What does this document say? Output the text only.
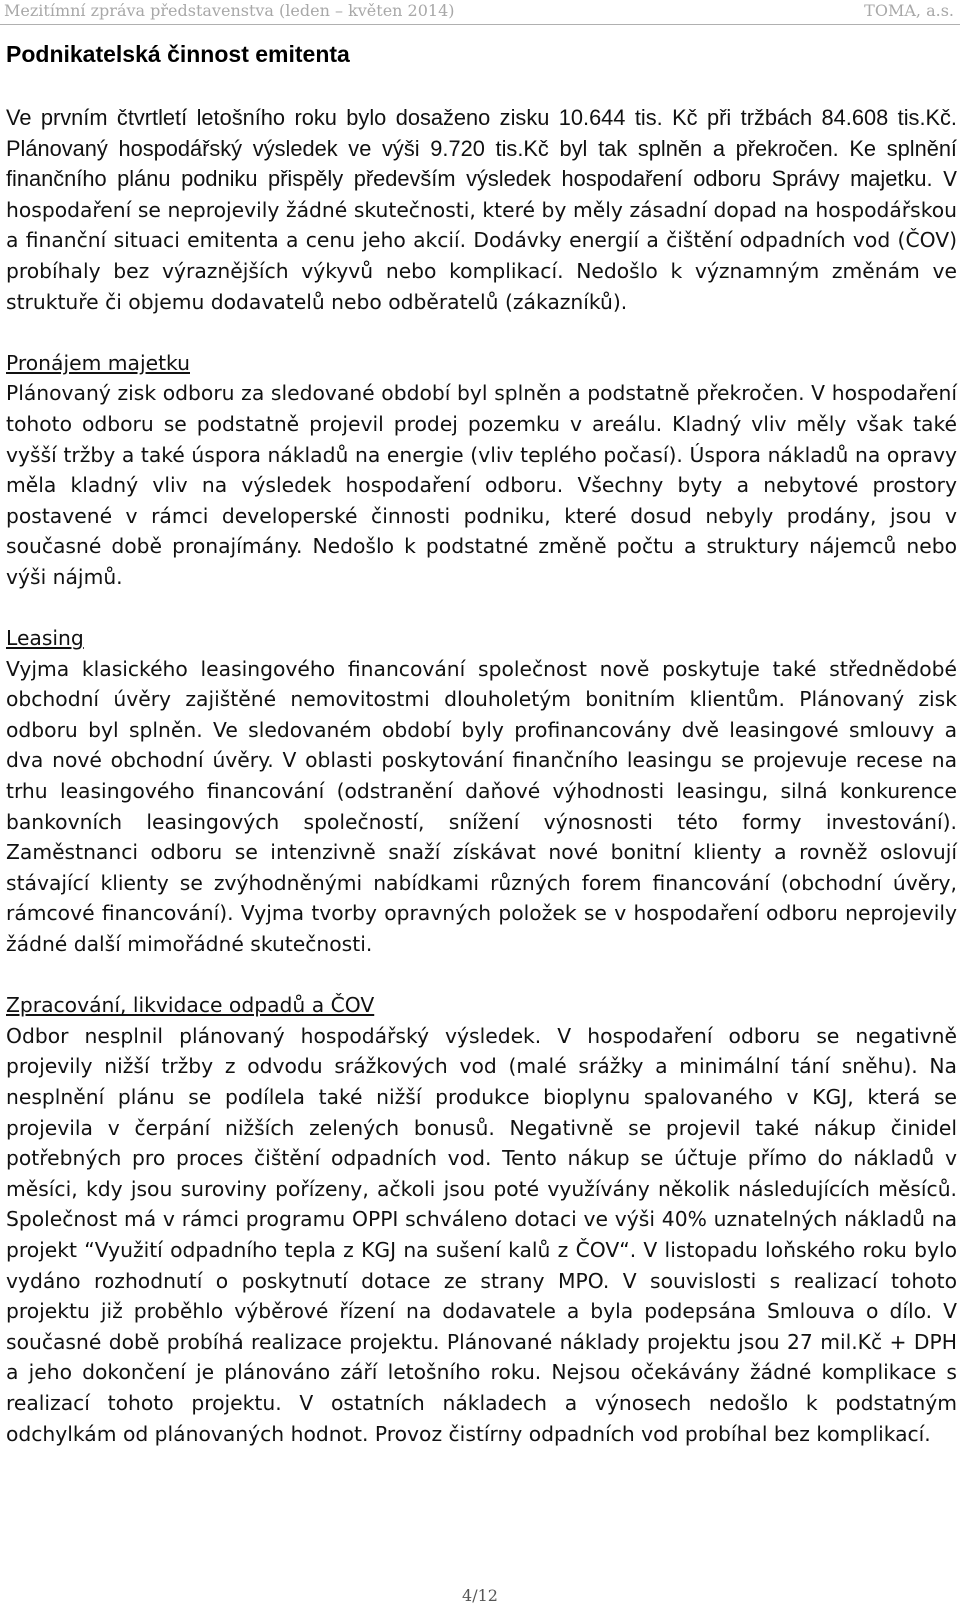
Mezitímní zpráva představenstva (leden – květen 2014)	TOMA, a.s.
Podnikatelská činnost emitenta

Ve prvním čtvrtletí letošního roku bylo dosaženo zisku 10.644 tis. Kč při tržbách 84.608 tis.Kč. Plánovaný hospodářský výsledek ve výši 9.720 tis.Kč byl tak splněn a překročen. Ke splnění finančního plánu podniku přispěly především výsledek hospodaření odboru Správy majetku. V hospodaření se neprojevily žádné skutečnosti, které by měly zásadní dopad na hospodářskou a finanční situaci emitenta a cenu jeho akcií. Dodávky energií a čištění odpadních vod (ČOV) probíhaly bez výraznějších výkyvů nebo komplikací. Nedošlo k významným změnám ve struktuře či objemu dodavatelů nebo odběratelů (zákazníků).

Pronájem majetku

Plánovaný zisk odboru za sledované období byl splněn a podstatně překročen. V hospodaření tohoto odboru se podstatně projevil prodej pozemku v areálu. Kladný vliv měly však také vyšší tržby a také úspora nákladů na energie (vliv teplého počasí). Úspora nákladů na opravy měla kladný vliv na výsledek hospodaření odboru. Všechny byty a nebytové prostory postavené v rámci developerské činnosti podniku, které dosud nebyly prodány, jsou v současné době pronajímány. Nedošlo k podstatné změně počtu a struktury nájemců nebo výši nájmů.

Leasing

Vyjma klasického leasingového financování společnost nově poskytuje také střednědobé obchodní úvěry zajištěné nemovitostmi dlouholetým bonitním klientům. Plánovaný zisk odboru byl splněn. Ve sledovaném období byly profinancovány dvě leasingové smlouvy a dva nové obchodní úvěry. V oblasti poskytování finančního leasingu se projevuje recese na trhu leasingového financování (odstranění daňové výhodnosti leasingu, silná konkurence bankovních leasingových společností, snížení výnosnosti této formy investování). Zaměstnanci odboru se intenzivně snaží získávat nové bonitní klienty a rovněž oslovují stávající klienty se zvýhodněnými nabídkami různých forem financování (obchodní úvěry, rámcové financování). Vyjma tvorby opravných položek se v hospodaření odboru neprojevily žádné další mimořádné skutečnosti.

Zpracování, likvidace odpadů a ČOV

Odbor nesplnil plánovaný hospodářský výsledek. V hospodaření odboru se negativně projevily nižší tržby z odvodu srážkových vod (malé srážky a minimální tání sněhu). Na nesplnění plánu se podílela také nižší produkce bioplynu spalovaného v KGJ, která se projevila v čerpání nižších zelených bonusů. Negativně se projevil také nákup činidel potřebných pro proces čištění odpadních vod. Tento nákup se účtuje přímo do nákladů v měsíci, kdy jsou suroviny pořízeny, ačkoli jsou poté využívány několik následujících měsíců. Společnost má v rámci programu OPPI schváleno dotaci ve výši 40% uznatelných nákladů na projekt “Využití odpadního tepla z KGJ na sušení kalů z ČOV“. V listopadu loňského roku bylo vydáno rozhodnutí o poskytnutí dotace ze strany MPO. V souvislosti s realizací tohoto projektu již proběhlo výběrové řízení na dodavatele a byla podepsána Smlouva o dílo. V současné době probíhá realizace projektu. Plánované náklady projektu jsou 27 mil.Kč + DPH a jeho dokončení je plánováno září letošního roku. Nejsou očekávány žádné komplikace s realizací tohoto projektu. V ostatních nákladech a výnosech nedošlo k podstatným odchylkám od plánovaných hodnot. Provoz čistírny odpadních vod probíhal bez komplikací.

4/12
